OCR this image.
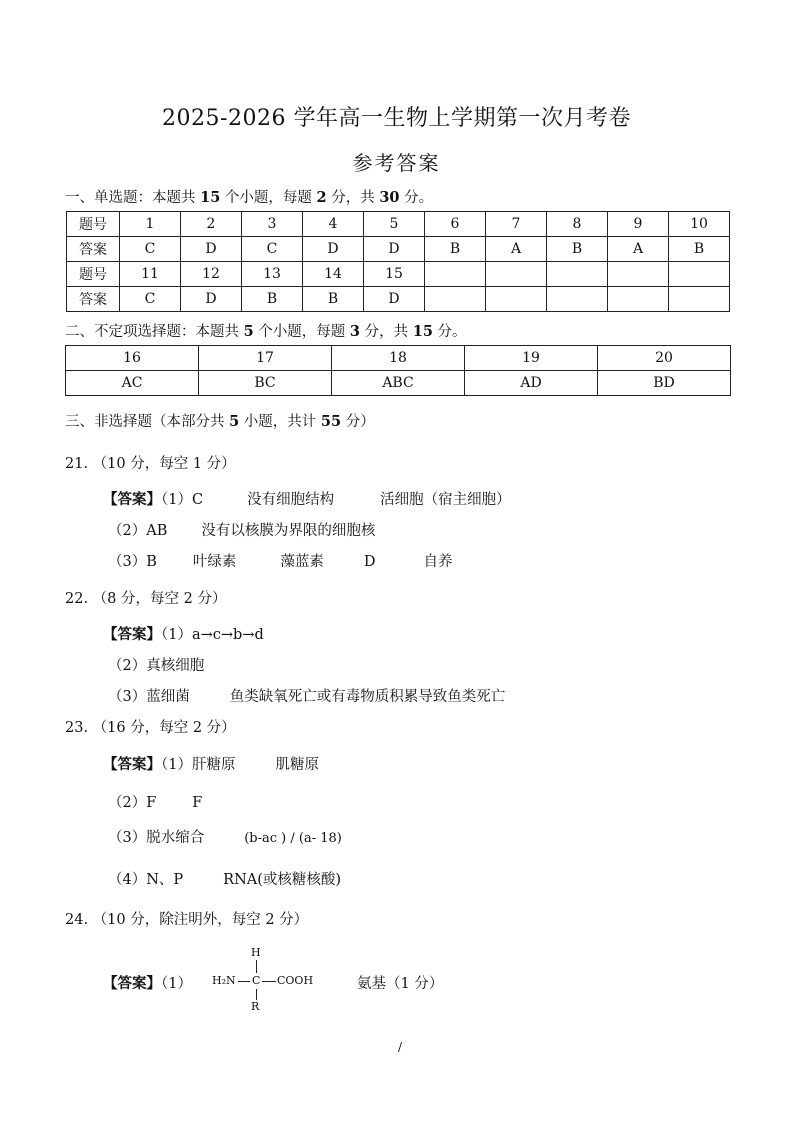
2025-2026 学年高一生物上学期第一次月考卷
参考答案
一、单选题：本题共 15 个小题，每题 2 分，共 30 分。
题号	1	2	3	4	5	6	7	8	9	10
答案	C	D	C	D	D	B	A	B	A	B
题号	11	12	13	14	15					
答案	C	D	B	B	D					
二、不定项选择题：本题共 5 个小题，每题 3 分，共 15 分。
16	17	18	19	20
AC	BC	ABC	AD	BD
三、非选择题（本部分共 5 小题，共计 55 分）
21. （10 分，每空 1 分）
【答案】（1）C	没有细胞结构	活细胞（宿主细胞）
（2）AB 没有以核膜为界限的细胞核
（3）B 叶绿素	藻蓝素	D	自养
22. （8 分，每空 2 分）
【答案】（1）a→c→b→d
（2）真核细胞
（3）蓝细菌	鱼类缺氧死亡或有毒物质积累导致鱼类死亡
23. （16 分，每空 2 分）
【答案】（1）肝糖原	肌糖原
（2）F F
（3）脱水缩合	(b-ac ) / (a- 18)
（4）N、P	RNA(或核糖核酸)
24. （10 分，除注明外，每空 2 分）
【答案】（1）
H
H₂N C COOH
R
氨基（1 分）
/
